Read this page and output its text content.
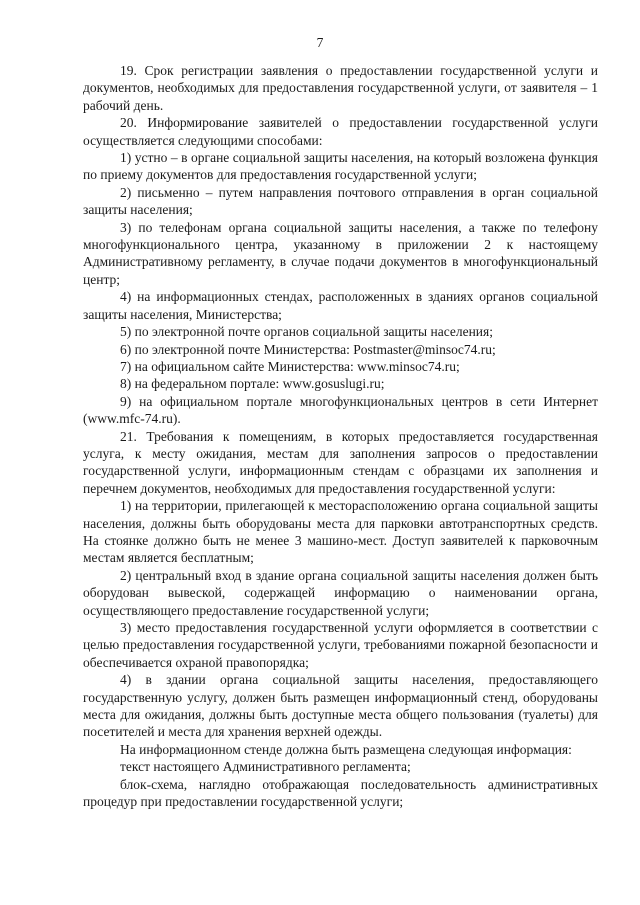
7

19. Срок регистрации заявления о предоставлении государственной услуги и документов, необходимых для предоставления государственной услуги, от заявителя – 1 рабочий день.

20. Информирование заявителей о предоставлении государственной услуги осуществляется следующими способами:

1) устно – в органе социальной защиты населения, на который возложена функция по приему документов для предоставления государственной услуги;

2) письменно – путем направления почтового отправления в орган социальной защиты населения;

3) по телефонам органа социальной защиты населения, а также по телефону многофункционального центра, указанному в приложении 2 к настоящему Административному регламенту, в случае подачи документов в многофункциональный центр;

4) на информационных стендах, расположенных в зданиях органов социальной защиты населения, Министерства;

5) по электронной почте органов социальной защиты населения;

6) по электронной почте Министерства: Postmaster@minsoc74.ru;

7) на официальном сайте Министерства: www.minsoc74.ru;

8) на федеральном портале: www.gosuslugi.ru;

9) на официальном портале многофункциональных центров в сети Интернет (www.mfc-74.ru).

21. Требования к помещениям, в которых предоставляется государственная услуга, к месту ожидания, местам для заполнения запросов о предоставлении государственной услуги, информационным стендам с образцами их заполнения и перечнем документов, необходимых для предоставления государственной услуги:

1) на территории, прилегающей к месторасположению органа социальной защиты населения, должны быть оборудованы места для парковки автотранспортных средств. На стоянке должно быть не менее 3 машино-мест. Доступ заявителей к парковочным местам является бесплатным;

2) центральный вход в здание органа социальной защиты населения должен быть оборудован вывеской, содержащей информацию о наименовании органа, осуществляющего предоставление государственной услуги;

3) место предоставления государственной услуги оформляется в соответствии с целью предоставления государственной услуги, требованиями пожарной безопасности и обеспечивается охраной правопорядка;

4) в здании органа социальной защиты населения, предоставляющего государственную услугу, должен быть размещен информационный стенд, оборудованы места для ожидания, должны быть доступные места общего пользования (туалеты) для посетителей и места для хранения верхней одежды.

На информационном стенде должна быть размещена следующая информация:

текст настоящего Административного регламента;

блок-схема, наглядно отображающая последовательность административных процедур при предоставлении государственной услуги;
